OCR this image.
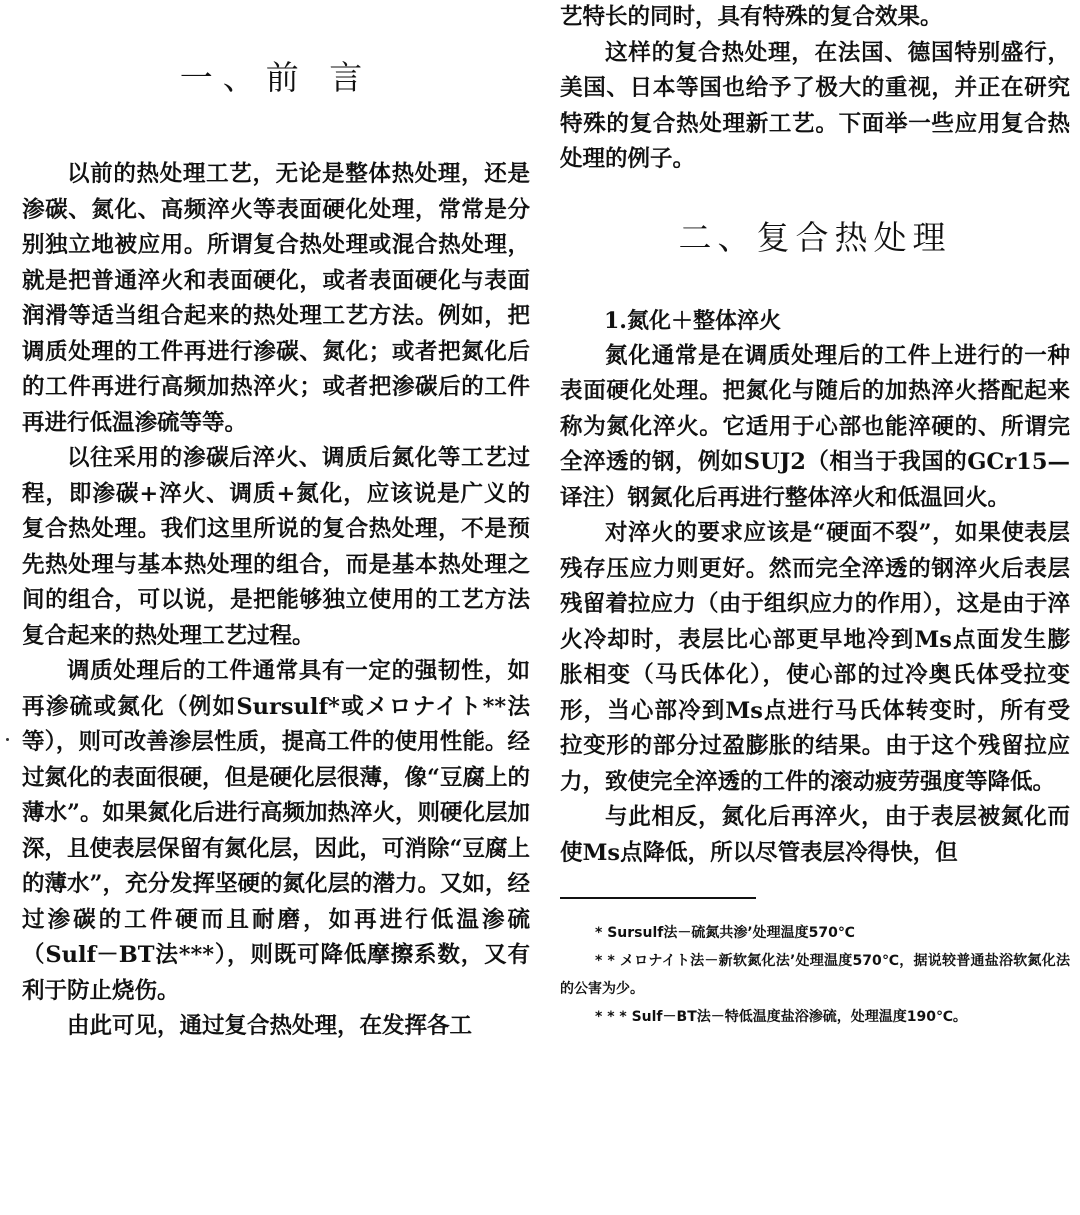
一、前 言

以前的热处理工艺，无论是整体热处理，还是渗碳、氮化、高频淬火等表面硬化处理，常常是分别独立地被应用。所谓复合热处理或混合热处理，就是把普通淬火和表面硬化，或者表面硬化与表面润滑等适当组合起来的热处理工艺方法。例如，把调质处理的工件再进行渗碳、氮化；或者把氮化后的工件再进行高频加热淬火；或者把渗碳后的工件再进行低温渗硫等等。

以往采用的渗碳后淬火、调质后氮化等工艺过程，即渗碳+淬火、调质+氮化，应该说是广义的复合热处理。我们这里所说的复合热处理，不是预先热处理与基本热处理的组合，而是基本热处理之间的组合，可以说，是把能够独立使用的工艺方法复合起来的热处理工艺过程。

调质处理后的工件通常具有一定的强韧性，如再渗硫或氮化（例如Sursulf*或メロナイト**法等），则可改善渗层性质，提高工件的使用性能。经过氮化的表面很硬，但是硬化层很薄，像“豆腐上的薄水”。如果氮化后进行高频加热淬火，则硬化层加深，且使表层保留有氮化层，因此，可消除“豆腐上的薄水”，充分发挥坚硬的氮化层的潜力。又如，经过渗碳的工件硬而且耐磨，如再进行低温渗硫（Sulf－BT法***），则既可降低摩擦系数，又有利于防止烧伤。

由此可见，通过复合热处理，在发挥各工

艺特长的同时，具有特殊的复合效果。

这样的复合热处理，在法国、德国特别盛行，美国、日本等国也给予了极大的重视，并正在研究特殊的复合热处理新工艺。下面举一些应用复合热处理的例子。

二、复合热处理

1.氮化＋整体淬火

氮化通常是在调质处理后的工件上进行的一种表面硬化处理。把氮化与随后的加热淬火搭配起来称为氮化淬火。它适用于心部也能淬硬的、所谓完全淬透的钢，例如SUJ2（相当于我国的GCr15—译注）钢氮化后再进行整体淬火和低温回火。

对淬火的要求应该是“硬面不裂”，如果使表层残存压应力则更好。然而完全淬透的钢淬火后表层残留着拉应力（由于组织应力的作用），这是由于淬火冷却时，表层比心部更早地冷到Ms点面发生膨胀相变（马氏体化），使心部的过冷奥氏体受拉变形，当心部冷到Ms点进行马氏体转变时，所有受拉变形的部分过盈膨胀的结果。由于这个残留拉应力，致使完全淬透的工件的滚动疲劳强度等降低。

与此相反，氮化后再淬火，由于表层被氮化而使Ms点降低，所以尽管表层冷得快，但

* Sursulf法－硫氮共渗’处理温度570℃

* * メロナイト法－新软氮化法’处理温度570℃，据说较普通盐浴软氮化法的公害为少。

* * * Sulf－BT法－特低温度盐浴渗硫，处理温度190℃。
